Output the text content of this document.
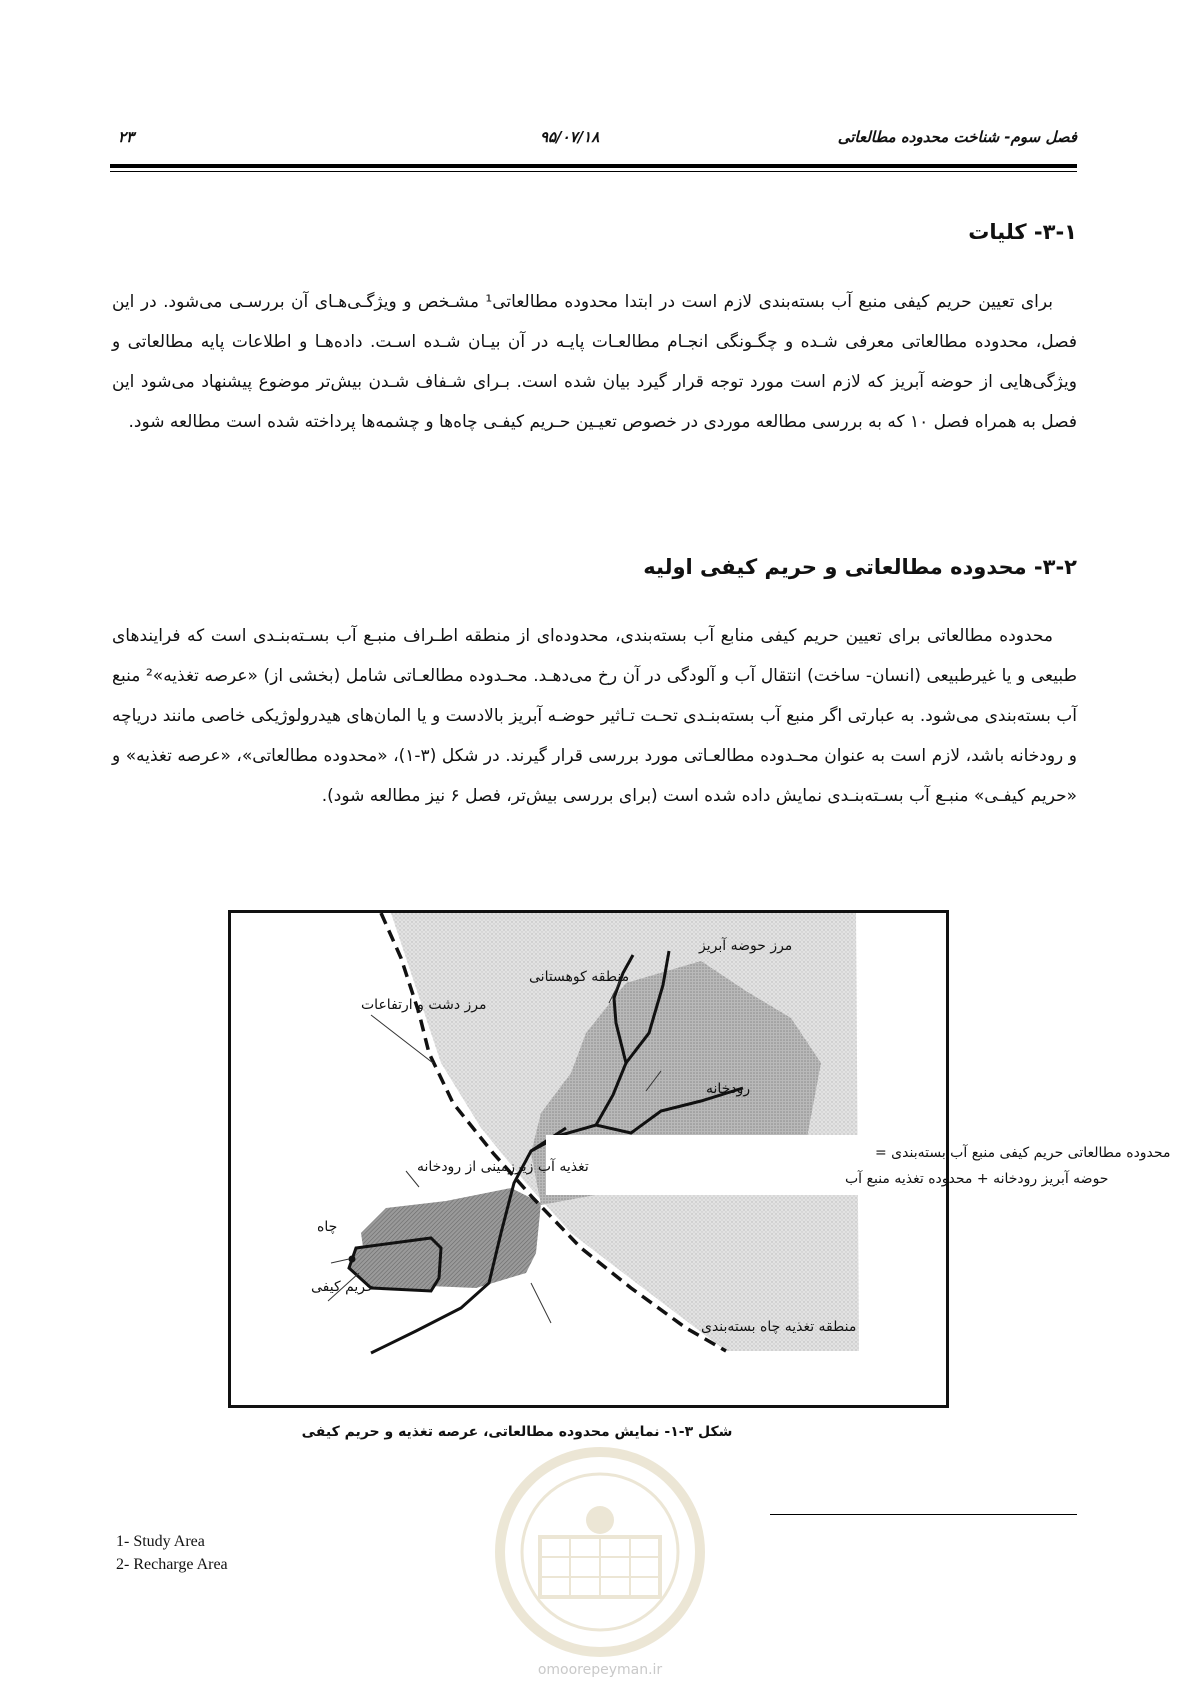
فصل سوم- شناخت محدوده مطالعاتی
۹۵/۰۷/۱۸
۲۳
۳-۱- کلیات

برای تعیین حریم کیفی منبع آب بسته‌بندی لازم است در ابتدا محدوده مطالعاتی¹ مشـخص و ویژگـی‌هـای آن بررسـی می‌شود. در این فصل، محدوده مطالعاتی معرفی شـده و چگـونگی انجـام مطالعـات پایـه در آن بیـان شـده اسـت. داده‌هـا و اطلاعات پایه مطالعاتی و ویژگی‌هایی از حوضه آبریز که لازم است مورد توجه قرار گیرد بیان شده است. بـرای شـفاف شـدن بیش‌تر موضوع پیشنهاد می‌شود این فصل به همراه فصل ۱۰ که به بررسی مطالعه موردی در خصوص تعیـین حـریم کیفـی چاه‌ها و چشمه‌ها پرداخته شده است مطالعه شود.

۳-۲- محدوده مطالعاتی و حریم کیفی اولیه

محدوده مطالعاتی برای تعیین حریم کیفی منابع آب بسته‌بندی، محدوده‌ای از منطقه اطـراف منبـع آب بسـته‌بنـدی است که فرایندهای طبیعی و یا غیرطبیعی (انسان- ساخت) انتقال آب و آلودگی در آن رخ می‌دهـد. محـدوده مطالعـاتی شامل (بخشی از) «عرصه تغذیه»² منبع آب بسته‌بندی می‌شود. به عبارتی اگر منبع آب بسته‌بنـدی تحـت تـاثیر حوضـه آبریز بالادست و یا المان‌های هیدرولوژیکی خاصی مانند دریاچه و رودخانه باشد، لازم است به عنوان محـدوده مطالعـاتی مورد بررسی قرار گیرند. در شکل (۳-۱)، «محدوده مطالعاتی»، «عرصه تغذیه» و «حریم کیفـی» منبـع آب بسـته‌بنـدی نمایش داده شده است (برای بررسی بیش‌تر، فصل ۶ نیز مطالعه شود).

منطقه کوهستانی
مرز حوضه آبریز
مرز دشت و ارتفاعات
رودخانه
محدوده مطالعاتی حریم کیفی منبع آب بسته‌بندی =
حوضه آبریز رودخانه + محدوده تغذیه منبع آب
تغذیه آب زیرزمینی از رودخانه
چاه
حریم کیفی
منطقه تغذیه چاه بسته‌بندی
شکل ۳-۱- نمایش محدوده مطالعاتی، عرصه تغذیه و حریم کیفی
omoorepeyman.ir
1- Study Area
2- Recharge Area
